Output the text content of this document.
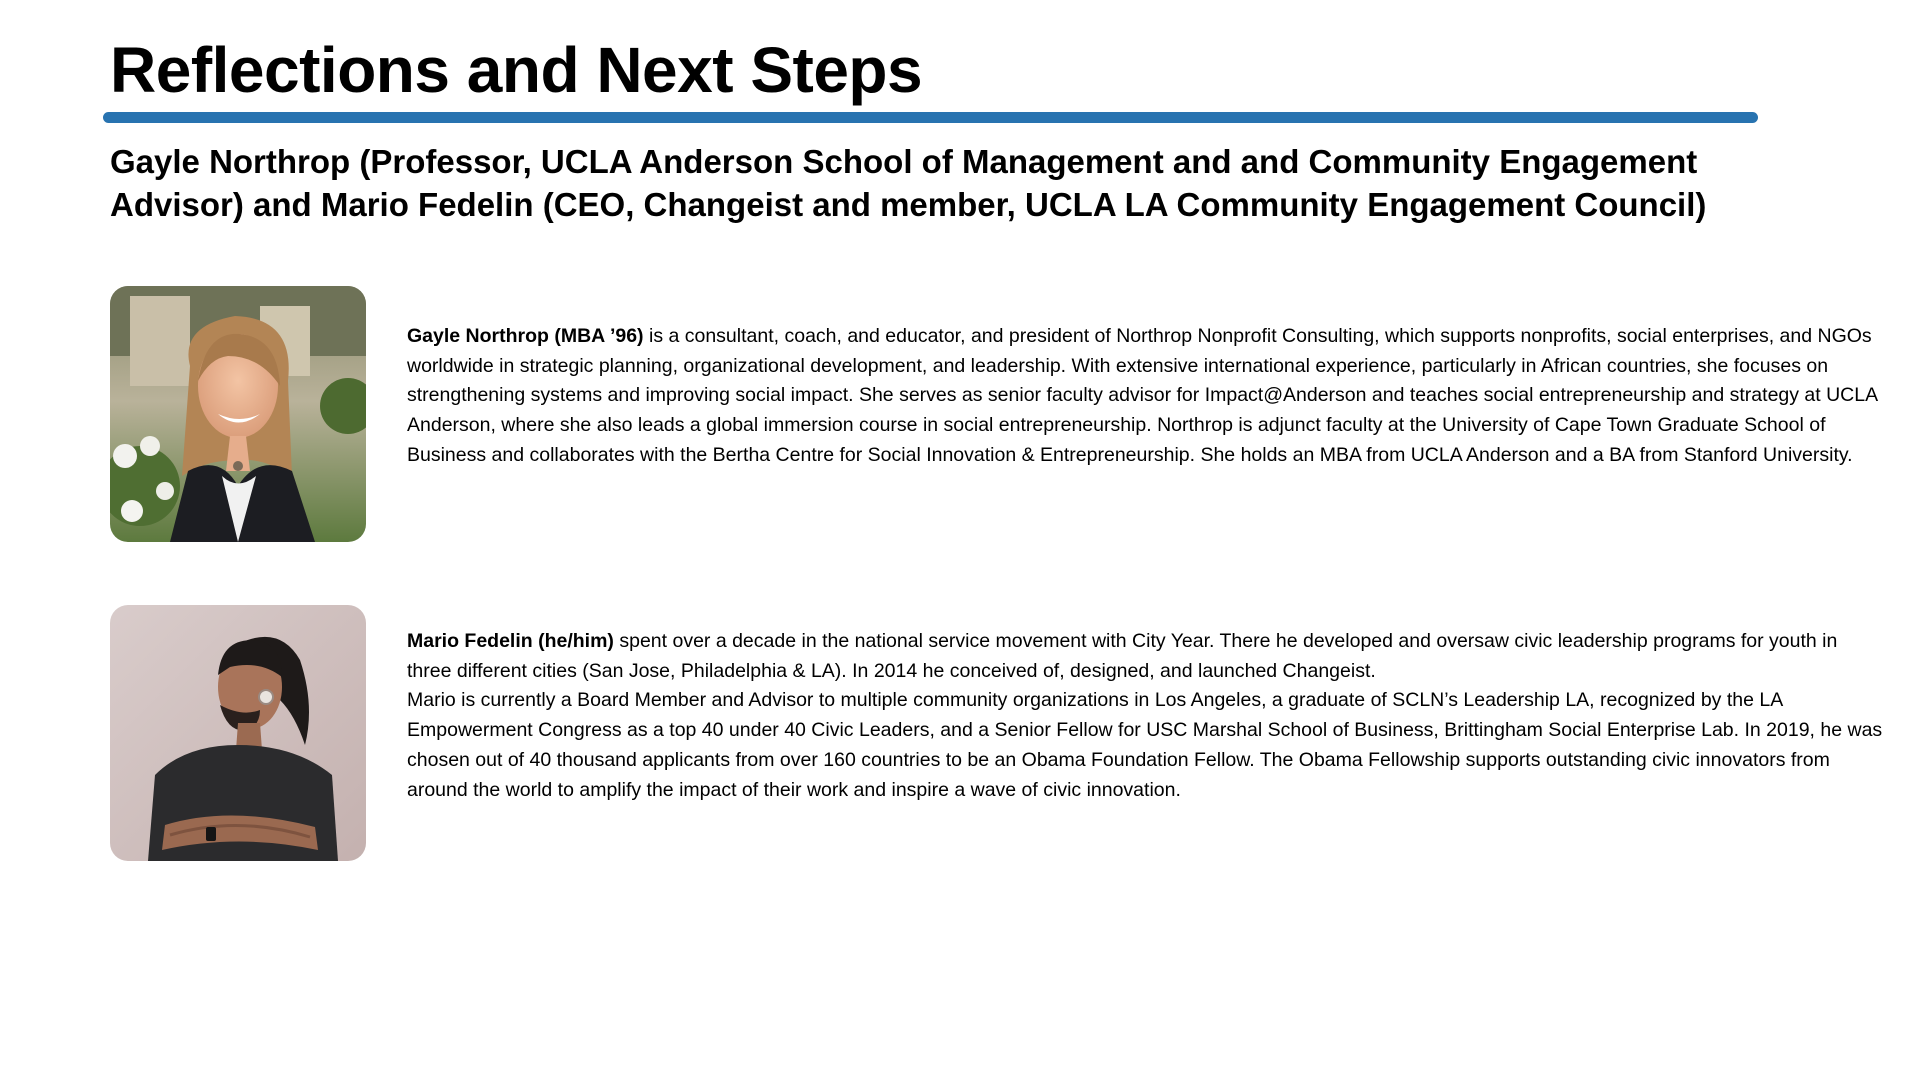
Reflections and Next Steps
Gayle Northrop (Professor, UCLA Anderson School of Management and and Community Engagement
Advisor) and Mario Fedelin (CEO, Changeist and member, UCLA LA Community Engagement Council)

Gayle Northrop (MBA ’96) is a consultant, coach, and educator, and president of Northrop Nonprofit Consulting, which supports nonprofits, social enterprises, and NGOs worldwide in strategic planning, organizational development, and leadership. With extensive international experience, particularly in African countries, she focuses on strengthening systems and improving social impact. She serves as senior faculty advisor for Impact@Anderson and teaches social entrepreneurship and strategy at UCLA Anderson, where she also leads a global immersion course in social entrepreneurship. Northrop is adjunct faculty at the University of Cape Town Graduate School of Business and collaborates with the Bertha Centre for Social Innovation & Entrepreneurship. She holds an MBA from UCLA Anderson and a BA from Stanford University.

Mario Fedelin (he/him) spent over a decade in the national service movement with City Year. There he developed and oversaw civic leadership programs for youth in three different cities (San Jose, Philadelphia & LA). In 2014 he conceived of, designed, and launched Changeist.
Mario is currently a Board Member and Advisor to multiple community organizations in Los Angeles, a graduate of SCLN’s Leadership LA, recognized by the LA Empowerment Congress as a top 40 under 40 Civic Leaders, and a Senior Fellow for USC Marshal School of Business, Brittingham Social Enterprise Lab. In 2019, he was chosen out of 40 thousand applicants from over 160 countries to be an Obama Foundation Fellow. The Obama Fellowship supports outstanding civic innovators from around the world to amplify the impact of their work and inspire a wave of civic innovation.
